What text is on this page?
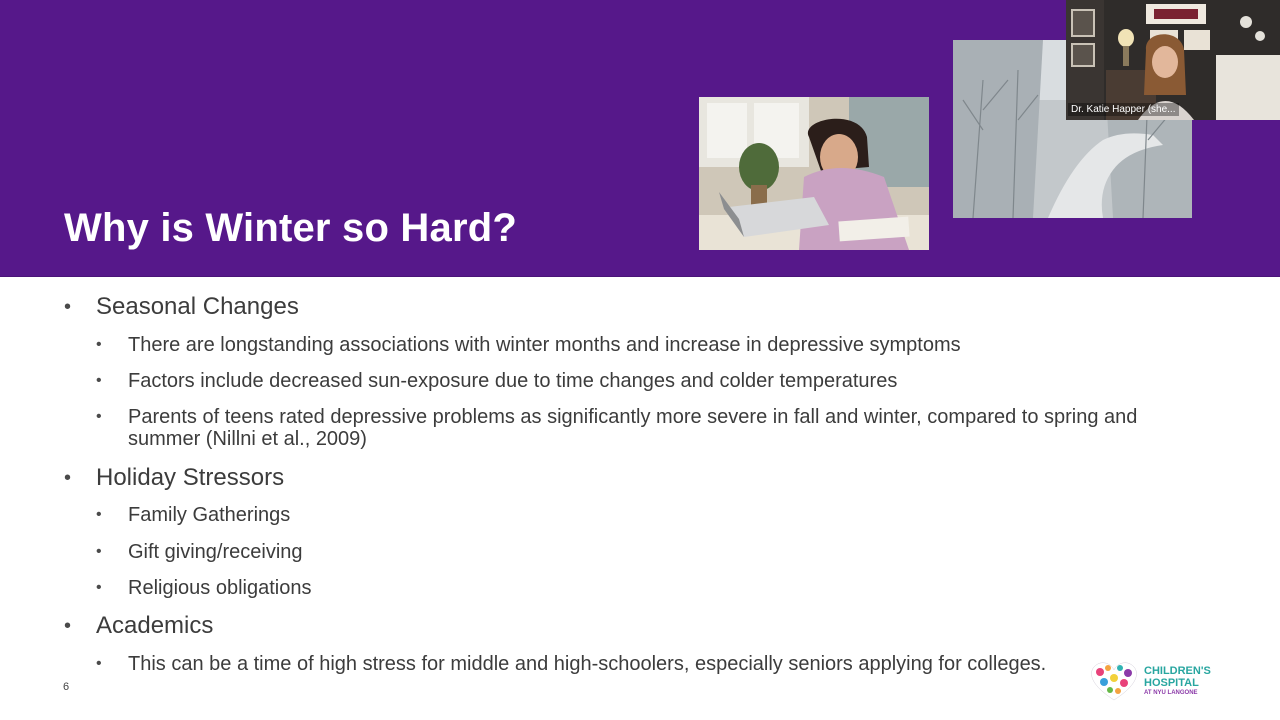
Why is Winter so Hard?
Dr. Katie Happer (she...
•	Seasonal Changes
•	There are longstanding associations with winter months and increase in depressive symptoms
•	Factors include decreased sun-exposure due to time changes and colder temperatures
•	Parents of teens rated depressive problems as significantly more severe in fall and winter, compared to spring and summer (Nillni et al., 2009)
•	Holiday Stressors
•	Family Gatherings
•	Gift giving/receiving
•	Religious obligations
•	Academics
•	This can be a time of high stress for middle and high-schoolers, especially seniors applying for colleges.
6
CHILDREN'S
HOSPITAL
AT NYU LANGONE
